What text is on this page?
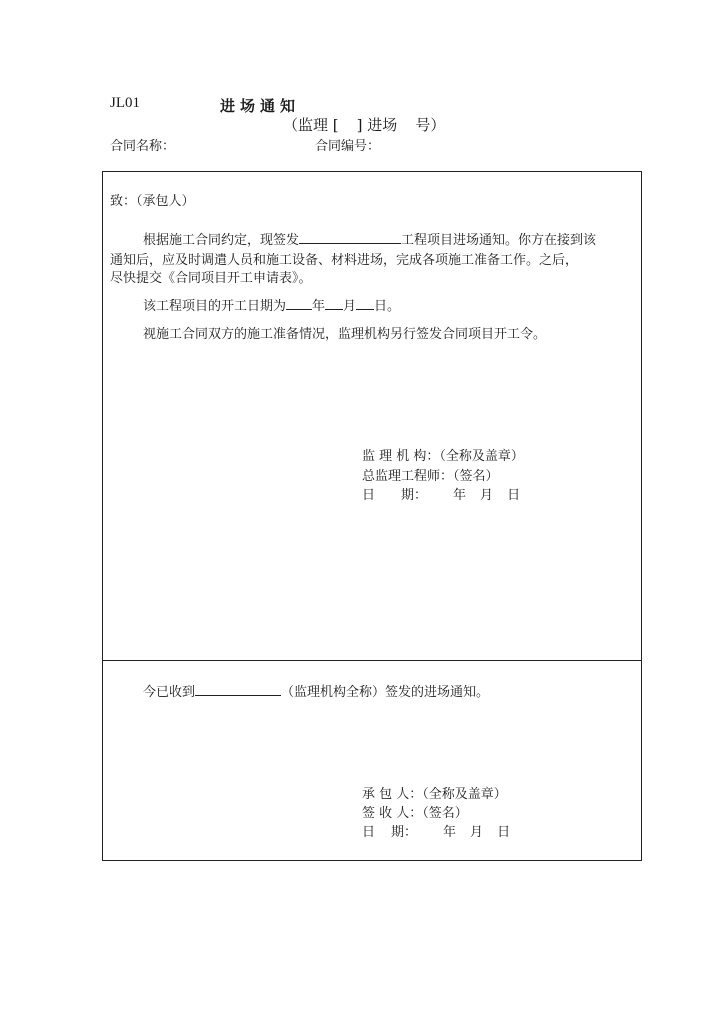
JL01	进场通知
（监理 [ ] 进场 号）
合同名称：	合同编号：
致：（承包人）
根据施工合同约定，现签发	工程项目进场通知。你方在接到该
通知后，应及时调遣人员和施工设备、材料进场，完成各项施工准备工作。之后，
尽快提交《合同项目开工申请表》。
该工程项目的开工日期为 年 月 日。
视施工合同双方的施工准备情况，监理机构另行签发合同项目开工令。
监 理 机 构：（全称及盖章）
总监理工程师：（签名）
日 期： 年 月 日
今已收到	（监理机构全称）签发的进场通知。
承 包 人：（全称及盖章）
签 收 人：（签名）
日 期： 年 月 日
